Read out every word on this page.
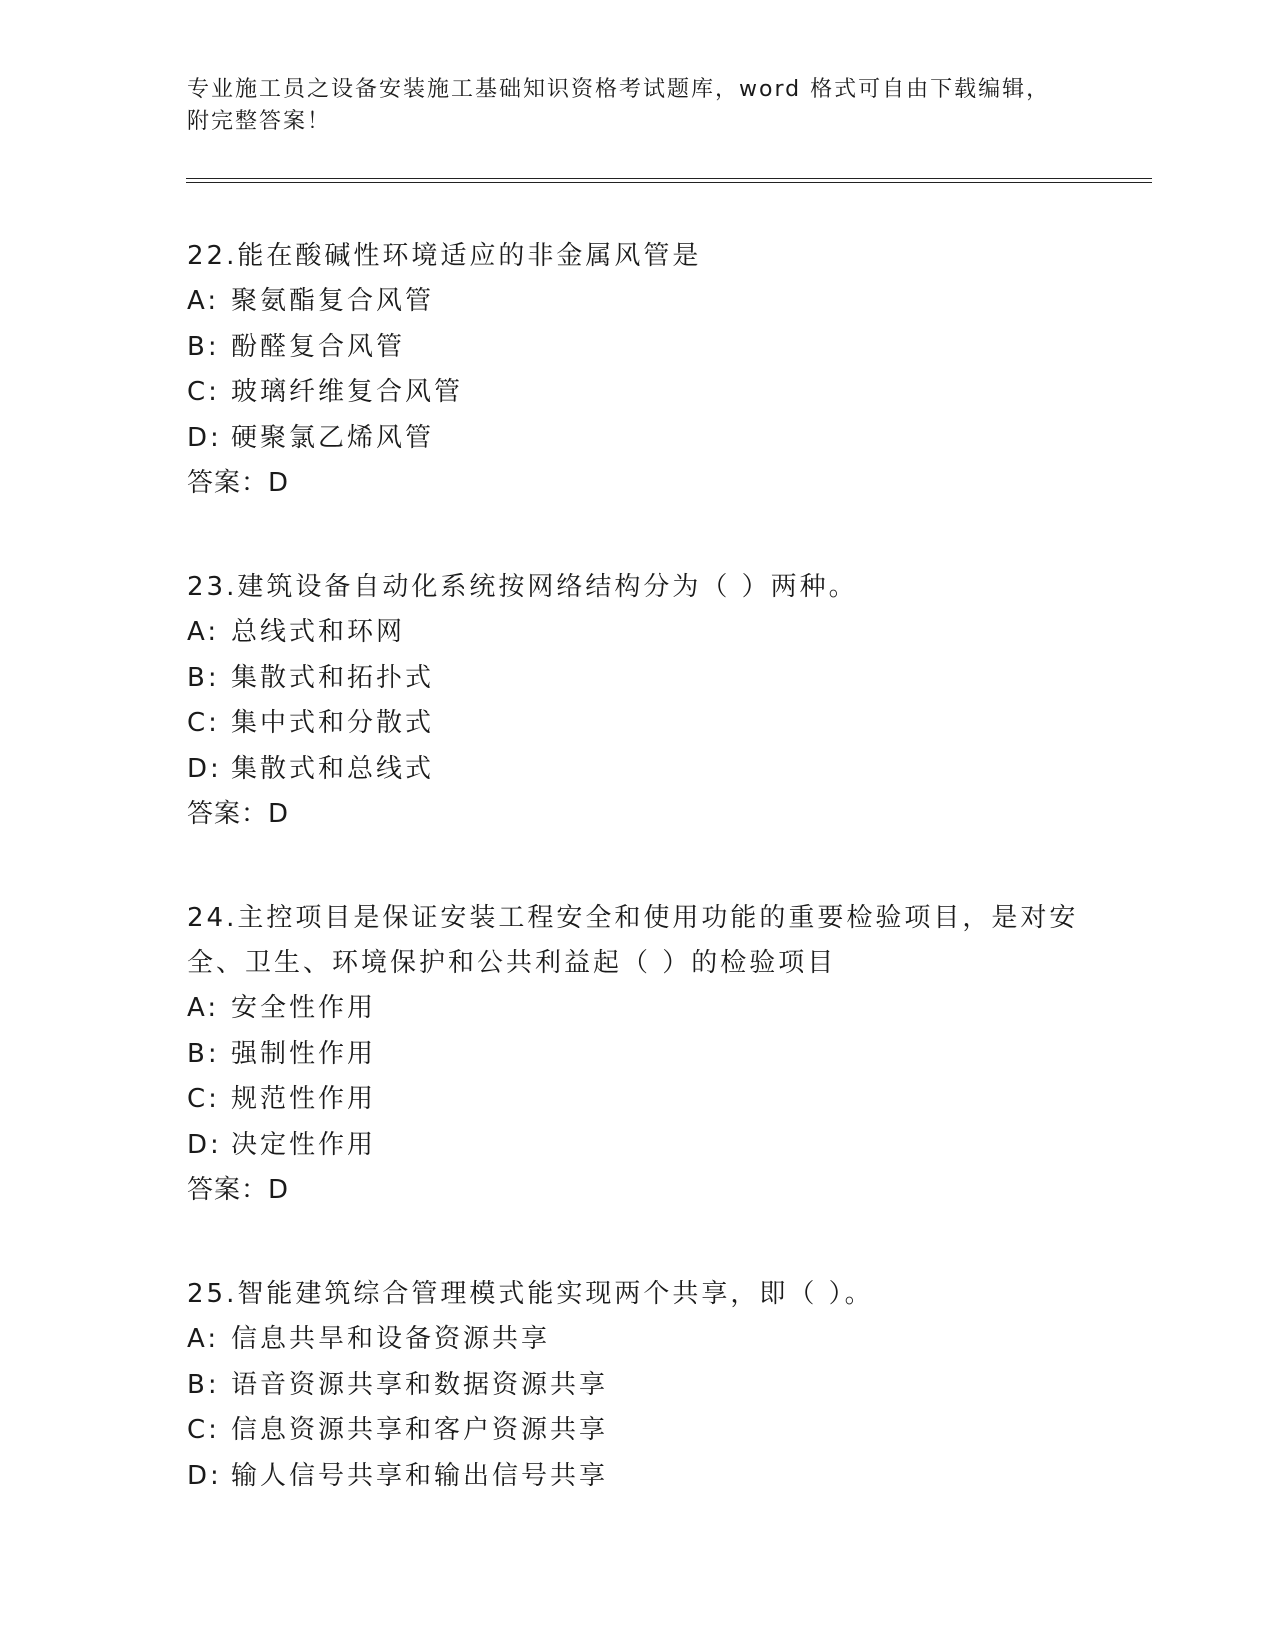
专业施工员之设备安装施工基础知识资格考试题库，word 格式可自由下载编辑，
附完整答案！
22.能在酸碱性环境适应的非金属风管是
A: 聚氨酯复合风管
B: 酚醛复合风管
C: 玻璃纤维复合风管
D: 硬聚氯乙烯风管
答案：D
23.建筑设备自动化系统按网络结构分为（ ）两种。
A: 总线式和环网
B: 集散式和拓扑式
C: 集中式和分散式
D: 集散式和总线式
答案：D
24.主控项目是保证安装工程安全和使用功能的重要检验项目，是对安全、卫生、环境保护和公共利益起（ ）的检验项目
A: 安全性作用
B: 强制性作用
C: 规范性作用
D: 决定性作用
答案：D
25.智能建筑综合管理模式能实现两个共享，即（ ）。
A: 信息共旱和设备资源共享
B: 语音资源共享和数据资源共享
C: 信息资源共享和客户资源共享
D: 输人信号共享和输出信号共享
